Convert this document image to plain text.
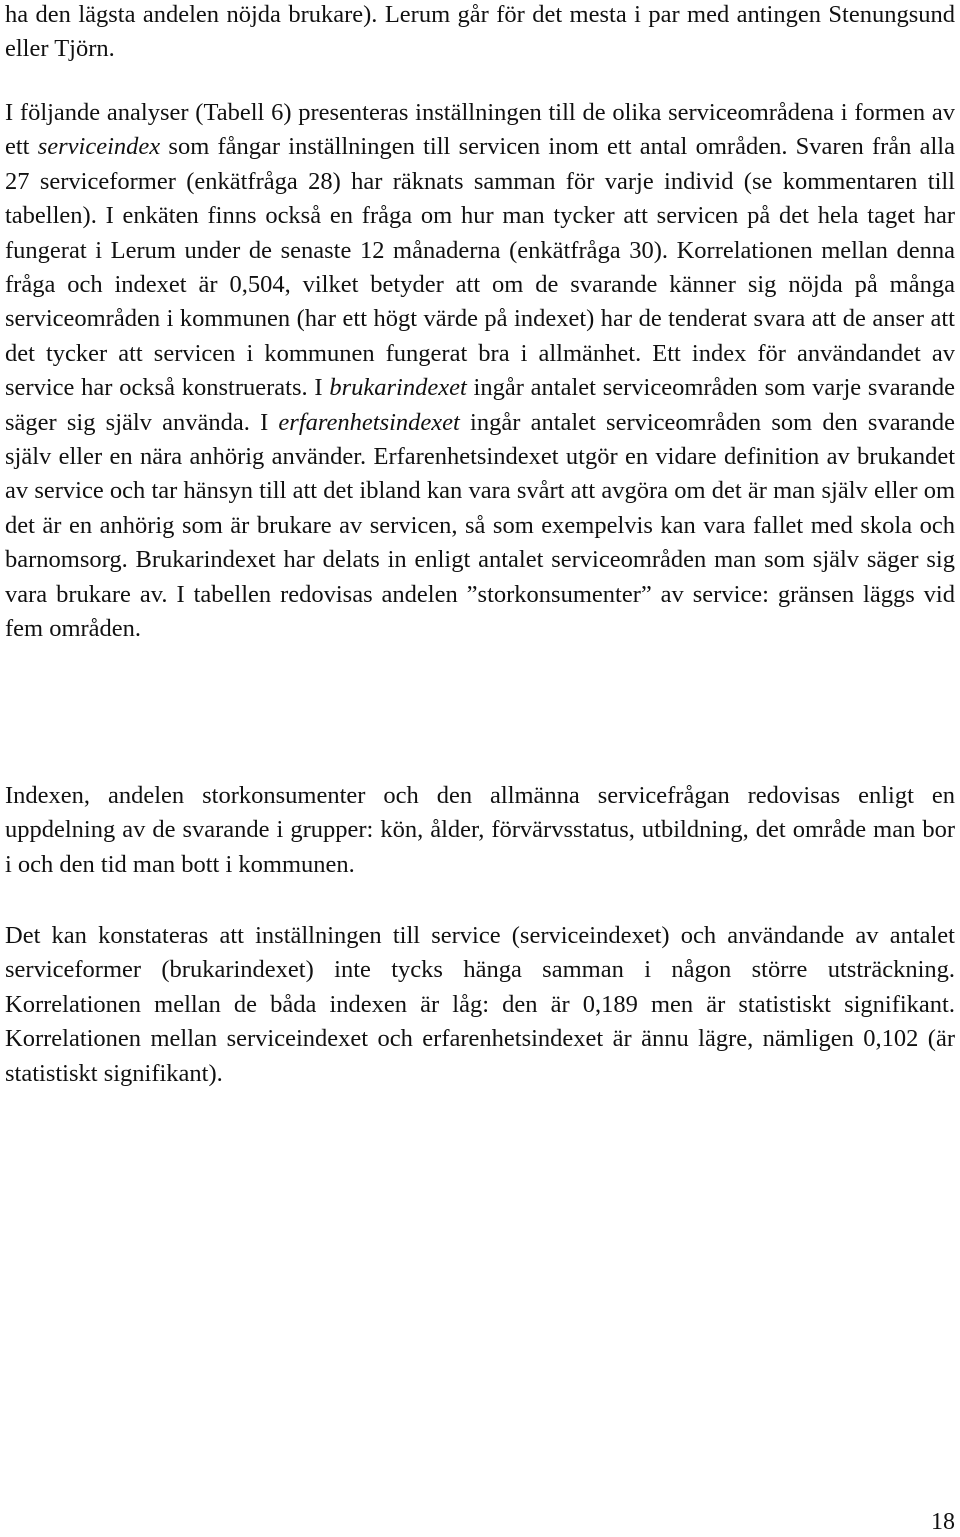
ha den lägsta andelen nöjda brukare). Lerum går för det mesta i par med antingen Stenungsund eller Tjörn.

I följande analyser (Tabell 6) presenteras inställningen till de olika serviceområdena i formen av ett serviceindex som fångar inställningen till servicen inom ett antal områden. Svaren från alla 27 serviceformer (enkätfråga 28) har räknats samman för varje individ (se kommentaren till tabellen). I enkäten finns också en fråga om hur man tycker att servicen på det hela taget har fungerat i Lerum under de senaste 12 månaderna (enkätfråga 30). Korrelationen mellan denna fråga och indexet är 0,504, vilket betyder att om de svarande känner sig nöjda på många serviceområden i kommunen (har ett högt värde på indexet) har de tenderat svara att de anser att det tycker att servicen i kommunen fungerat bra i allmänhet. Ett index för användandet av service har också konstruerats. I brukarindexet ingår antalet serviceområden som varje svarande säger sig själv använda. I erfarenhetsindexet ingår antalet serviceområden som den svarande själv eller en nära anhörig använder. Erfarenhetsindexet utgör en vidare definition av brukandet av service och tar hänsyn till att det ibland kan vara svårt att avgöra om det är man själv eller om det är en anhörig som är brukare av servicen, så som exempelvis kan vara fallet med skola och barnomsorg. Brukarindexet har delats in enligt antalet serviceområden man som själv säger sig vara brukare av. I tabellen redovisas andelen ”storkonsumenter” av service: gränsen läggs vid fem områden.

Indexen, andelen storkonsumenter och den allmänna servicefrågan redovisas enligt en uppdelning av de svarande i grupper: kön, ålder, förvärvsstatus, utbildning, det område man bor i och den tid man bott i kommunen.

Det kan konstateras att inställningen till service (serviceindexet) och användande av antalet serviceformer (brukarindexet) inte tycks hänga samman i någon större utsträckning. Korrelationen mellan de båda indexen är låg: den är 0,189 men är statistiskt signifikant. Korrelationen mellan serviceindexet och erfarenhetsindexet är ännu lägre, nämligen 0,102 (är statistiskt signifikant).

18
